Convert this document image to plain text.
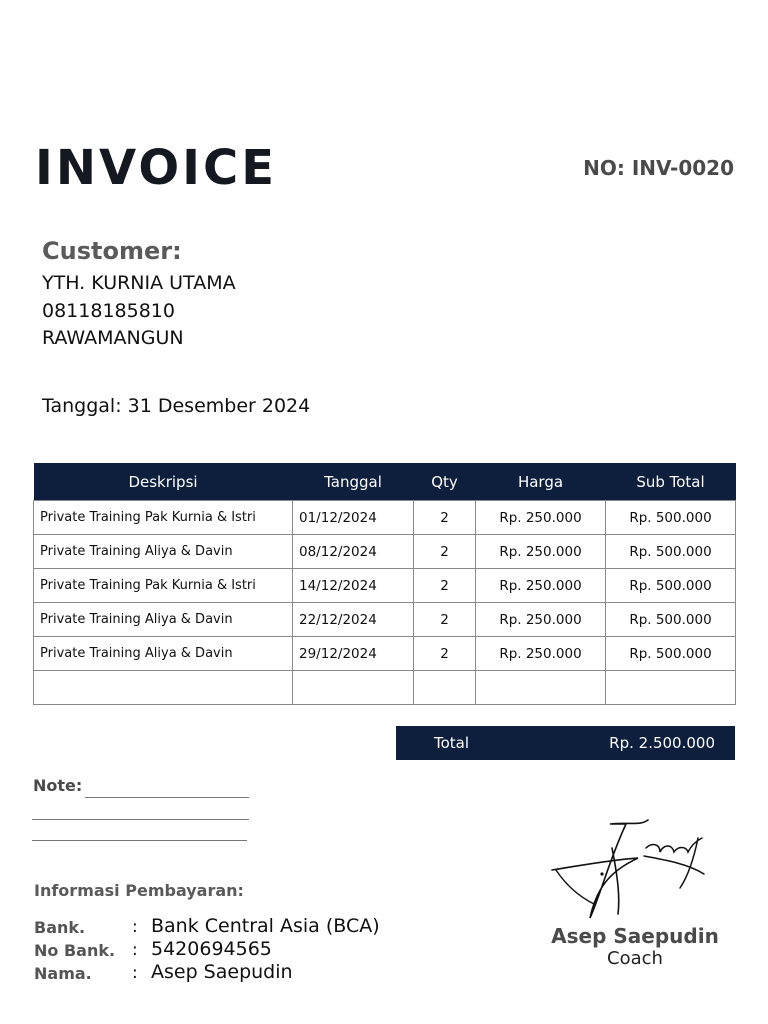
INVOICE	NO: INV-0020
Customer:
YTH. KURNIA UTAMA
08118185810
RAWAMANGUN
Tanggal: 31 Desember 2024
Deskripsi	Tanggal	Qty	Harga	Sub Total
Private Training Pak Kurnia & Istri	01/12/2024	2	Rp. 250.000	Rp. 500.000
Private Training Aliya & Davin	08/12/2024	2	Rp. 250.000	Rp. 500.000
Private Training Pak Kurnia & Istri	14/12/2024	2	Rp. 250.000	Rp. 500.000
Private Training Aliya & Davin	22/12/2024	2	Rp. 250.000	Rp. 500.000
Private Training Aliya & Davin	29/12/2024	2	Rp. 250.000	Rp. 500.000

Total	Rp. 2.500.000
Note:
Informasi Pembayaran:
Bank.	: Bank Central Asia (BCA)
No Bank. : 5420694565
Nama. : Asep Saepudin
Asep Saepudin
Coach
